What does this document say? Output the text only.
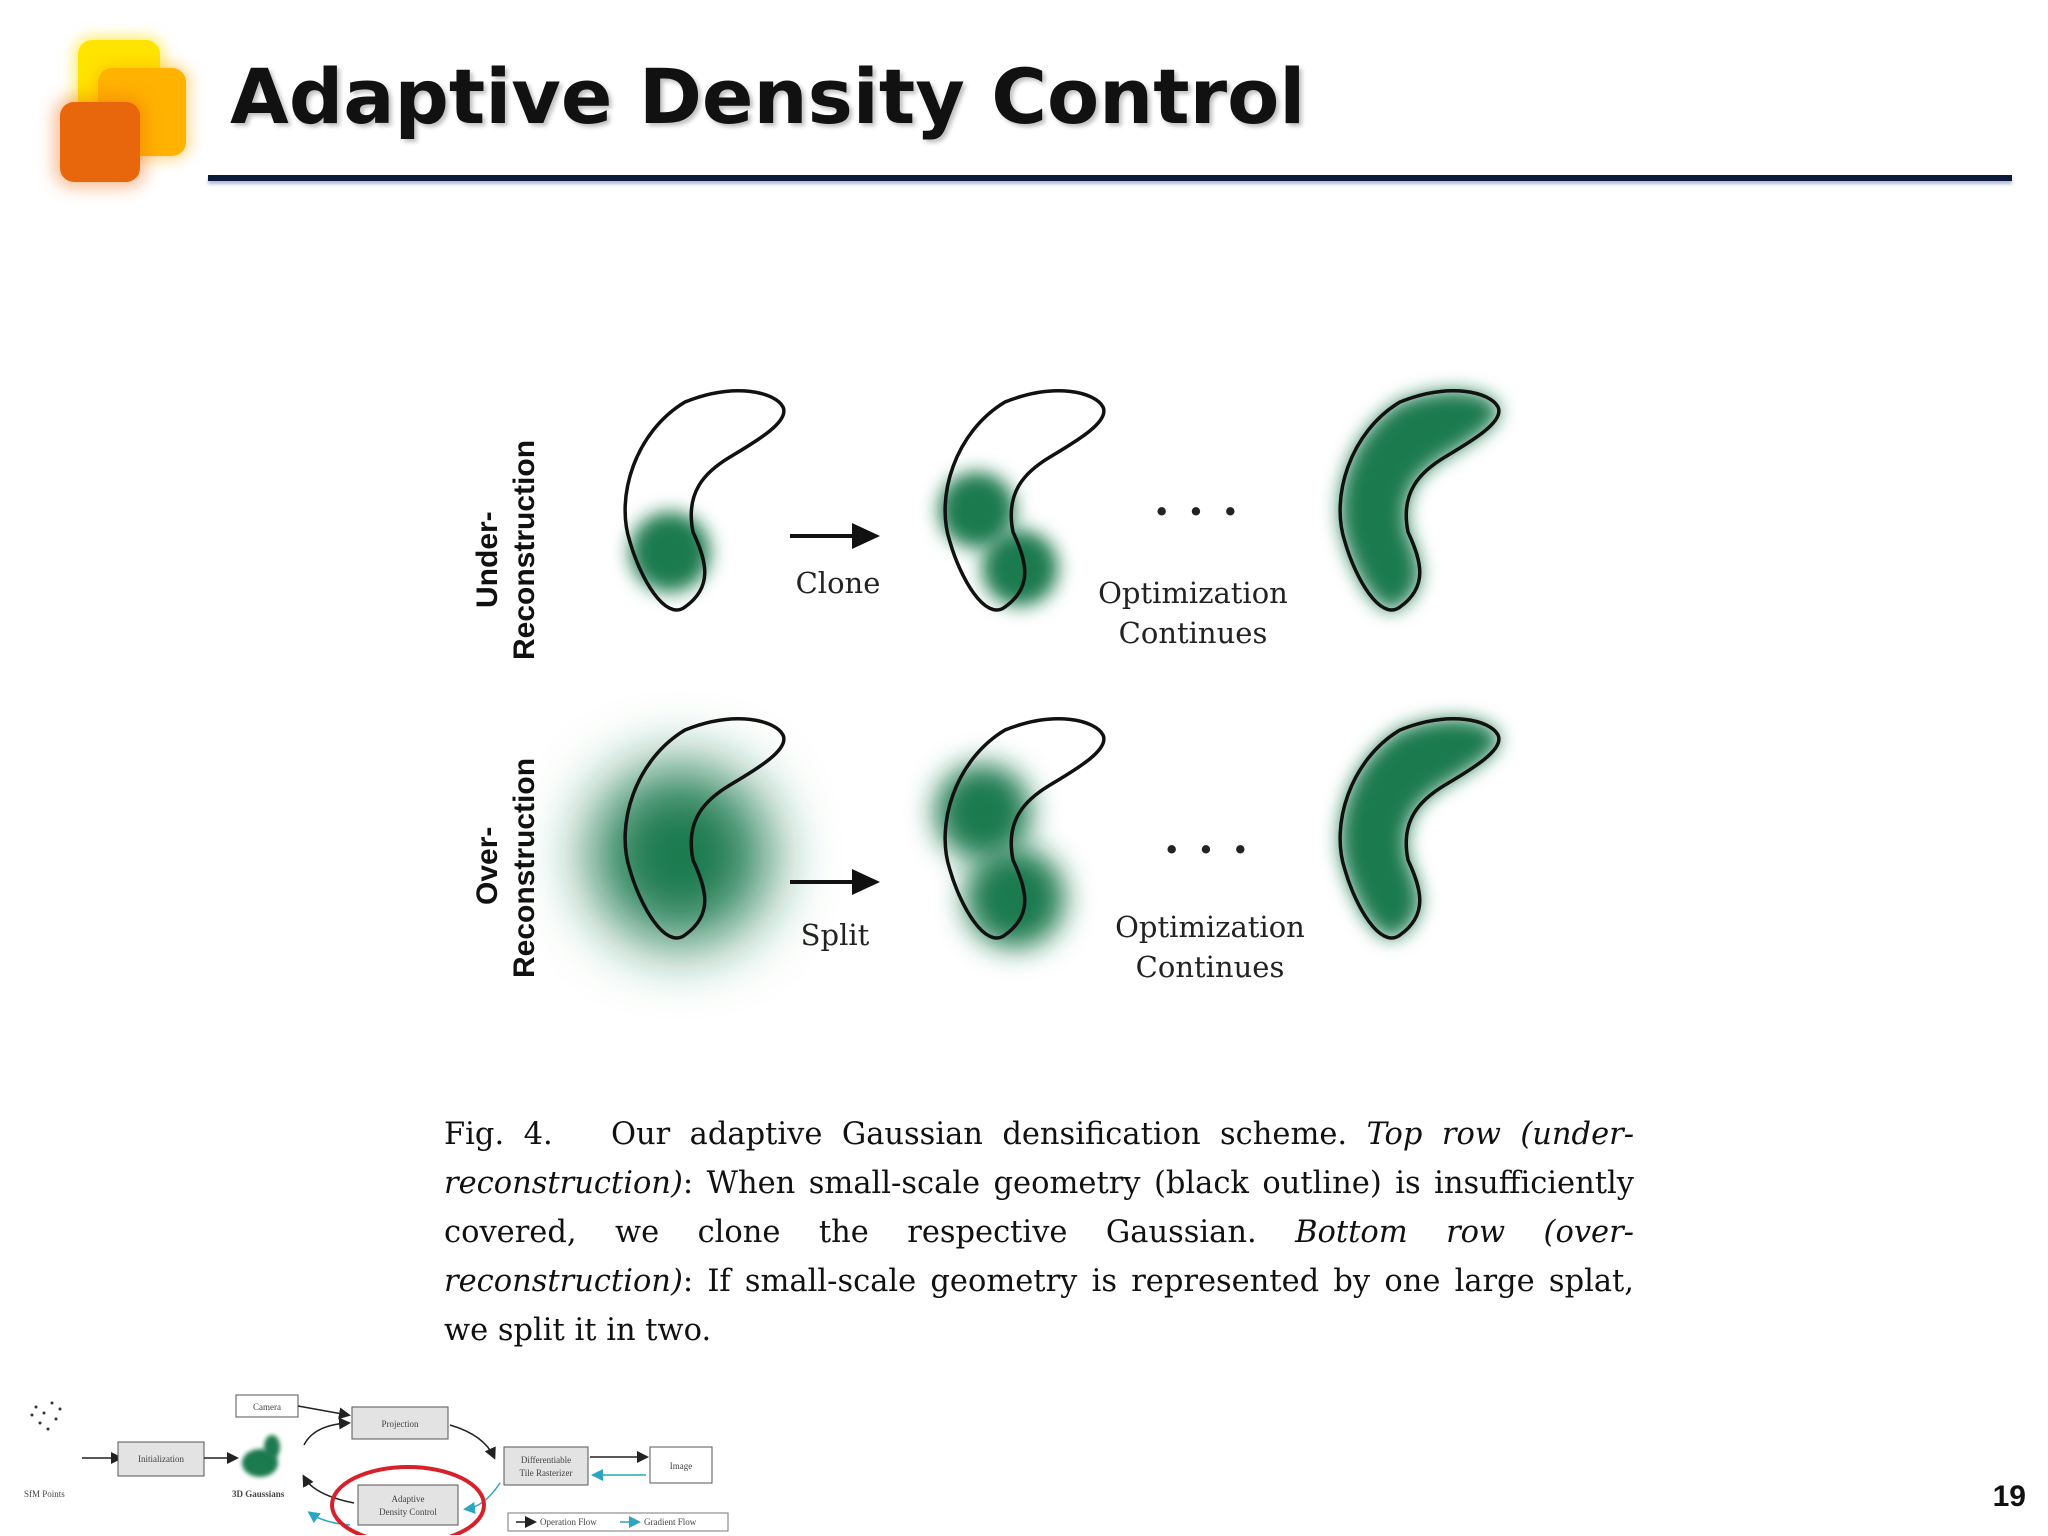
Adaptive Density Control
Under- Reconstruction
Over- Reconstruction
Clone
• • •
Optimization
Continues
Split
• • •
Optimization
Continues

Fig. 4. Our adaptive Gaussian densification scheme. Top row (under-reconstruction): When small-scale geometry (black outline) is insufficiently covered, we clone the respective Gaussian. Bottom row (over-reconstruction): If small-scale geometry is represented by one large splat, we split it in two.

SfM Points
Initialization
3D Gaussians
Camera
Projection
Differentiable
Tile Rasterizer
Image
Adaptive
Density Control
Operation Flow	Gradient Flow
19
